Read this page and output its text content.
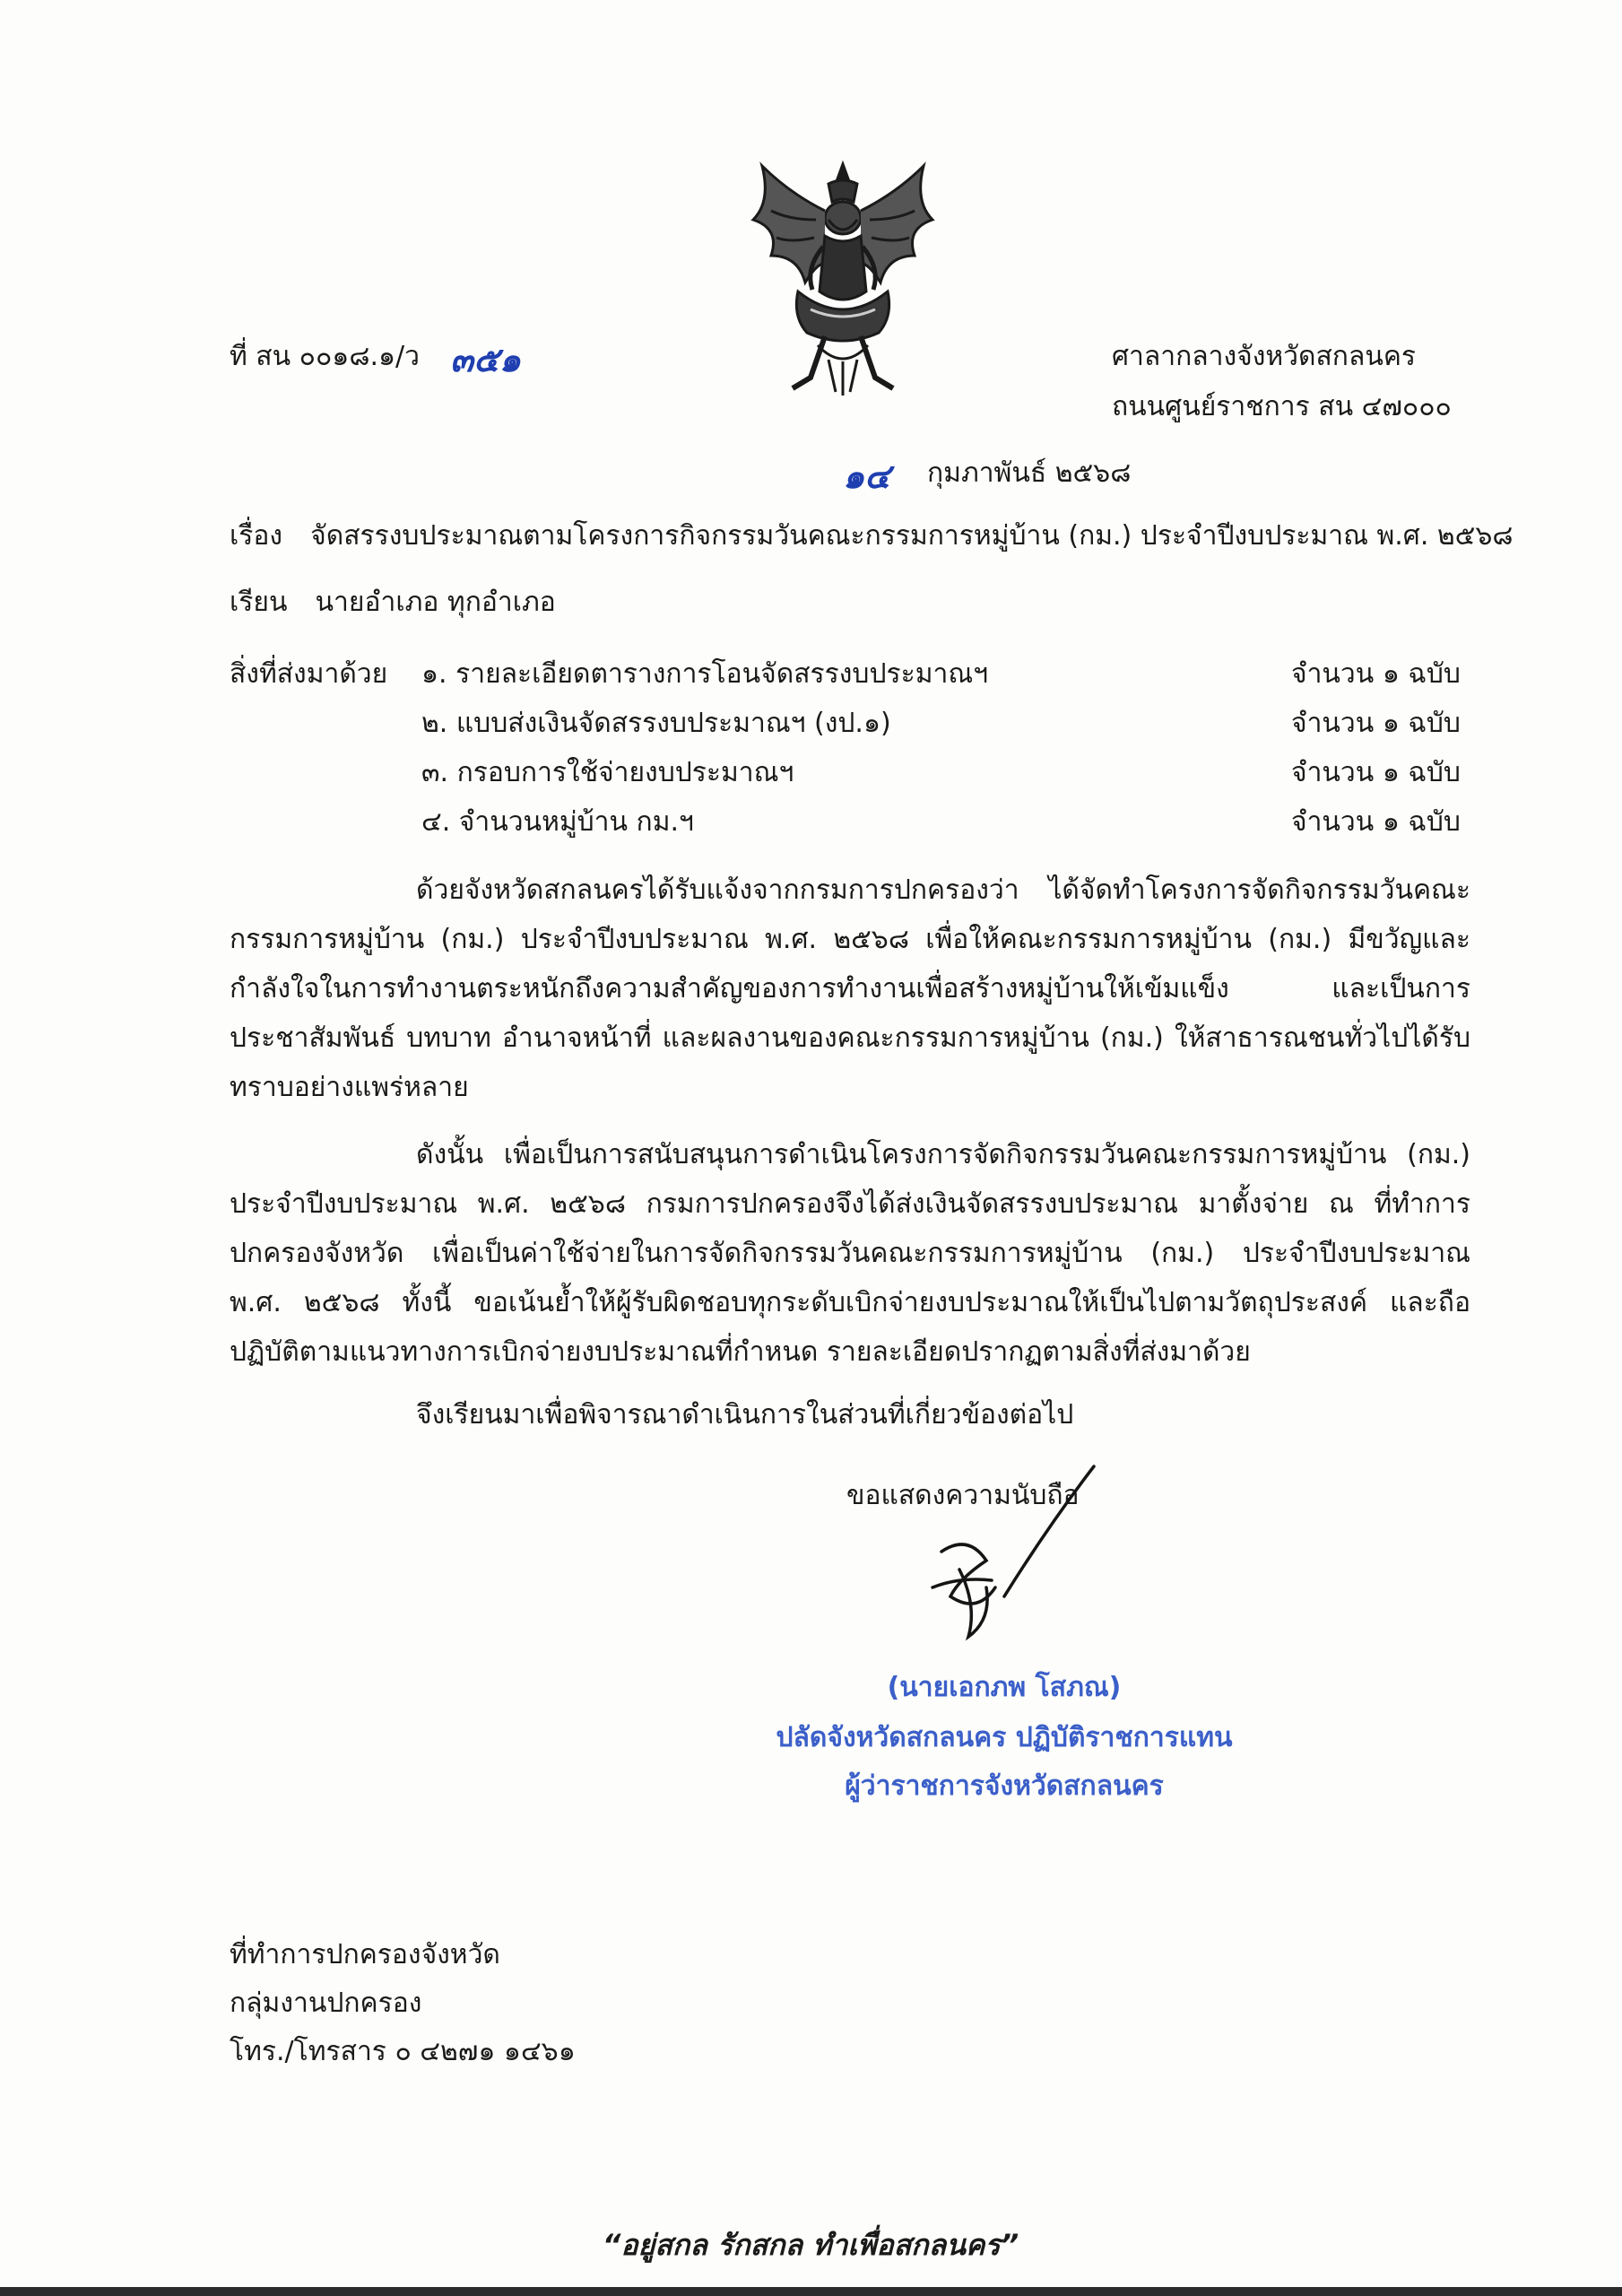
ที่ สน ๐๐๑๘.๑/ว ๓๕๑	ศาลากลางจังหวัดสกลนคร
ถนนศูนย์ราชการ สน ๔๗๐๐๐
๑๔ กุมภาพันธ์ ๒๕๖๘
เรื่อง จัดสรรงบประมาณตามโครงการกิจกรรมวันคณะกรรมการหมู่บ้าน (กม.) ประจำปีงบประมาณ พ.ศ. ๒๕๖๘
เรียน นายอำเภอ ทุกอำเภอ
สิ่งที่ส่งมาด้วย ๑. รายละเอียดตารางการโอนจัดสรรงบประมาณฯ	จำนวน ๑ ฉบับ
๒. แบบส่งเงินจัดสรรงบประมาณฯ (งป.๑)	จำนวน ๑ ฉบับ
๓. กรอบการใช้จ่ายงบประมาณฯ	จำนวน ๑ ฉบับ
๔. จำนวนหมู่บ้าน กม.ฯ	จำนวน ๑ ฉบับ
ด้วยจังหวัดสกลนครได้รับแจ้งจากกรมการปกครองว่า ได้จัดทำโครงการจัดกิจกรรมวันคณะกรรมการหมู่บ้าน (กม.) ประจำปีงบประมาณ พ.ศ. ๒๕๖๘ เพื่อให้คณะกรรมการหมู่บ้าน (กม.) มีขวัญและกำลังใจในการทำงานตระหนักถึงความสำคัญของการทำงานเพื่อสร้างหมู่บ้านให้เข้มแข็ง และเป็นการประชาสัมพันธ์ บทบาท อำนาจหน้าที่ และผลงานของคณะกรรมการหมู่บ้าน (กม.) ให้สาธารณชนทั่วไปได้รับทราบอย่างแพร่หลาย
ดังนั้น เพื่อเป็นการสนับสนุนการดำเนินโครงการจัดกิจกรรมวันคณะกรรมการหมู่บ้าน (กม.) ประจำปีงบประมาณ พ.ศ. ๒๕๖๘ กรมการปกครองจึงได้ส่งเงินจัดสรรงบประมาณ มาตั้งจ่าย ณ ที่ทำการปกครองจังหวัด เพื่อเป็นค่าใช้จ่ายในการจัดกิจกรรมวันคณะกรรมการหมู่บ้าน (กม.) ประจำปีงบประมาณ พ.ศ. ๒๕๖๘ ทั้งนี้ ขอเน้นย้ำให้ผู้รับผิดชอบทุกระดับเบิกจ่ายงบประมาณให้เป็นไปตามวัตถุประสงค์ และถือปฏิบัติตามแนวทางการเบิกจ่ายงบประมาณที่กำหนด รายละเอียดปรากฏตามสิ่งที่ส่งมาด้วย
จึงเรียนมาเพื่อพิจารณาดำเนินการในส่วนที่เกี่ยวข้องต่อไป
ขอแสดงความนับถือ
(นายเอกภพ โสภณ)
ปลัดจังหวัดสกลนคร ปฏิบัติราชการแทน
ผู้ว่าราชการจังหวัดสกลนคร
ที่ทำการปกครองจังหวัด
กลุ่มงานปกครอง
โทร./โทรสาร ๐ ๔๒๗๑ ๑๔๖๑
“อยู่สกล รักสกล ทำเพื่อสกลนคร”
